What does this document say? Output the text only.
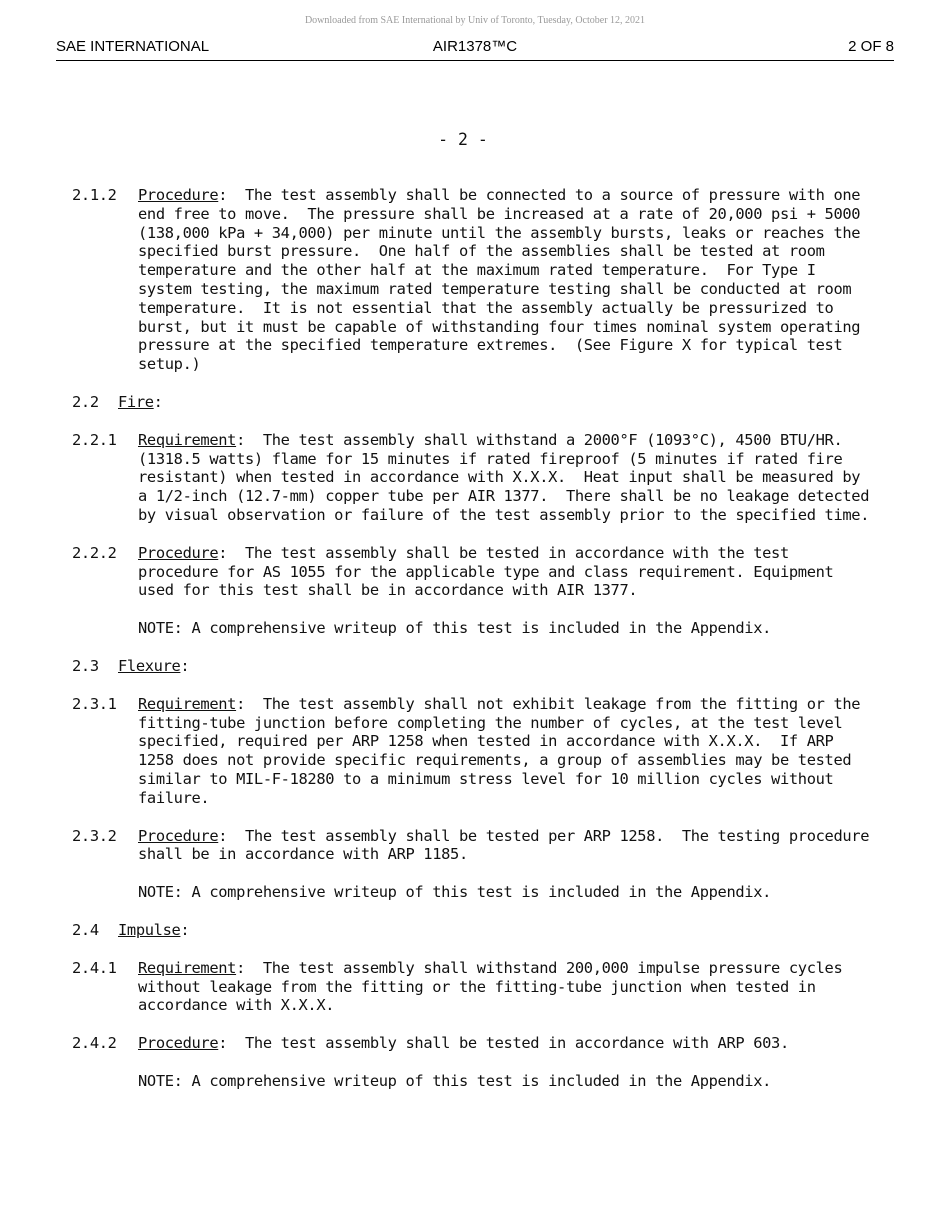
Downloaded from SAE International by Univ of Toronto, Tuesday, October 12, 2021
SAE INTERNATIONAL	AIR1378™C	2 OF 8
- 2 -
2.1.2 Procedure:  The test assembly shall be connected to a source of pressure with one end free to move.  The pressure shall be increased at a rate of 20,000 psi + 5000 (138,000 kPa + 34,000) per minute until the assembly bursts, leaks or reaches the specified burst pressure.  One half of the assemblies shall be tested at room temperature and the other half at the maximum rated temperature.  For Type I system testing, the maximum rated temperature testing shall be conducted at room temperature.  It is not essential that the assembly actually be pressurized to burst, but it must be capable of withstanding four times nominal system operating pressure at the specified temperature extremes.  (See Figure X for typical test setup.)
2.2 Fire:
2.2.1 Requirement:  The test assembly shall withstand a 2000°F (1093°C), 4500 BTU/HR. (1318.5 watts) flame for 15 minutes if rated fireproof (5 minutes if rated fire resistant) when tested in accordance with X.X.X.  Heat input shall be measured by a 1/2-inch (12.7-mm) copper tube per AIR 1377.  There shall be no leakage detected by visual observation or failure of the test assembly prior to the specified time.
2.2.2 Procedure:  The test assembly shall be tested in accordance with the test procedure for AS 1055 for the applicable type and class requirement. Equipment used for this test shall be in accordance with AIR 1377.
NOTE: A comprehensive writeup of this test is included in the Appendix.
2.3 Flexure:
2.3.1 Requirement:  The test assembly shall not exhibit leakage from the fitting or the fitting-tube junction before completing the number of cycles, at the test level specified, required per ARP 1258 when tested in accordance with X.X.X.  If ARP 1258 does not provide specific requirements, a group of assemblies may be tested similar to MIL-F-18280 to a minimum stress level for 10 million cycles without failure.
2.3.2 Procedure:  The test assembly shall be tested per ARP 1258.  The testing procedure shall be in accordance with ARP 1185.
NOTE: A comprehensive writeup of this test is included in the Appendix.
2.4 Impulse:
2.4.1 Requirement:  The test assembly shall withstand 200,000 impulse pressure cycles without leakage from the fitting or the fitting-tube junction when tested in accordance with X.X.X.
2.4.2 Procedure:  The test assembly shall be tested in accordance with ARP 603.
NOTE: A comprehensive writeup of this test is included in the Appendix.
